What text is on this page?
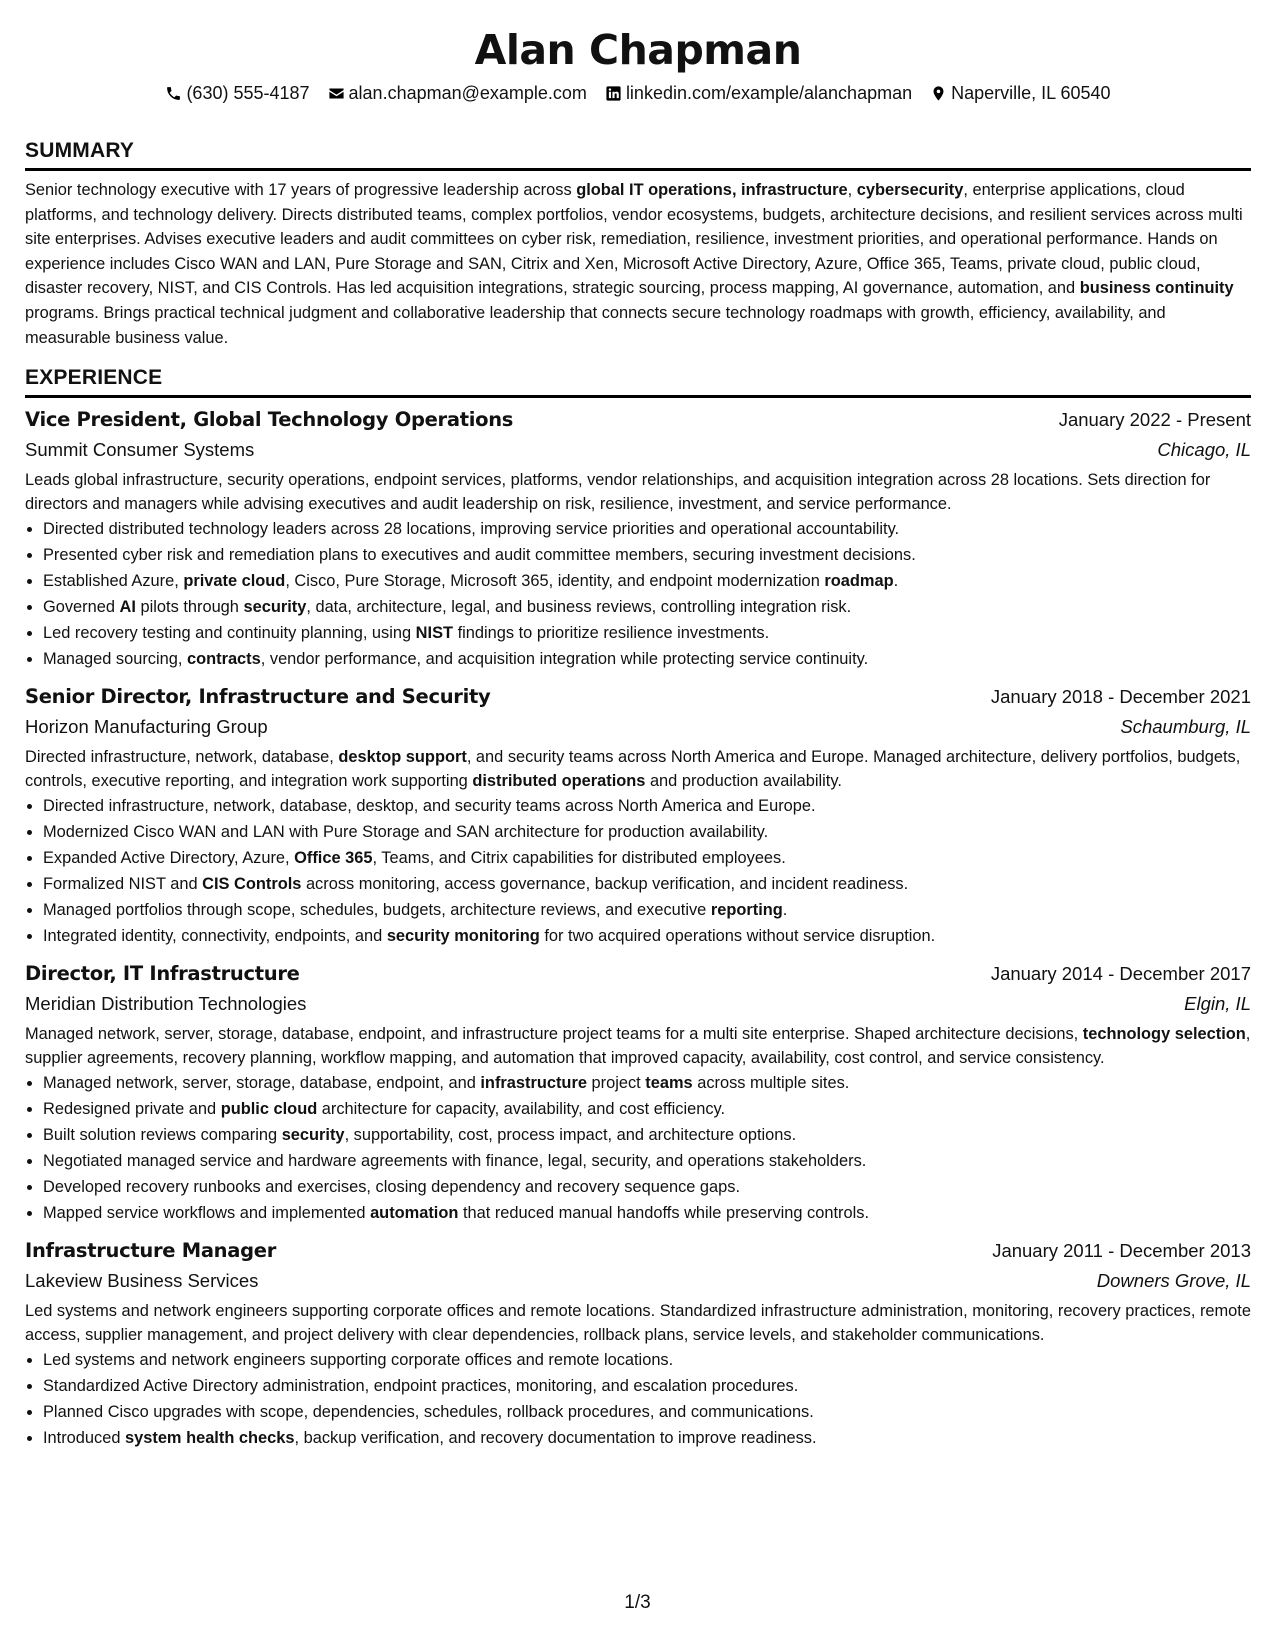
Alan Chapman
(630) 555-4187 alan.chapman@example.com linkedin.com/example/alanchapman Naperville, IL 60540
SUMMARY
Senior technology executive with 17 years of progressive leadership across global IT operations, infrastructure, cybersecurity, enterprise applications, cloud platforms, and technology delivery. Directs distributed teams, complex portfolios, vendor ecosystems, budgets, architecture decisions, and resilient services across multi site enterprises. Advises executive leaders and audit committees on cyber risk, remediation, resilience, investment priorities, and operational performance. Hands on experience includes Cisco WAN and LAN, Pure Storage and SAN, Citrix and Xen, Microsoft Active Directory, Azure, Office 365, Teams, private cloud, public cloud, disaster recovery, NIST, and CIS Controls. Has led acquisition integrations, strategic sourcing, process mapping, AI governance, automation, and business continuity programs. Brings practical technical judgment and collaborative leadership that connects secure technology roadmaps with growth, efficiency, availability, and measurable business value.
EXPERIENCE
Vice President, Global Technology Operations	January 2022 - Present
Summit Consumer Systems	Chicago, IL
Leads global infrastructure, security operations, endpoint services, platforms, vendor relationships, and acquisition integration across 28 locations. Sets direction for directors and managers while advising executives and audit leadership on risk, resilience, investment, and service performance.
• Directed distributed technology leaders across 28 locations, improving service priorities and operational accountability.
• Presented cyber risk and remediation plans to executives and audit committee members, securing investment decisions.
• Established Azure, private cloud, Cisco, Pure Storage, Microsoft 365, identity, and endpoint modernization roadmap.
• Governed AI pilots through security, data, architecture, legal, and business reviews, controlling integration risk.
• Led recovery testing and continuity planning, using NIST findings to prioritize resilience investments.
• Managed sourcing, contracts, vendor performance, and acquisition integration while protecting service continuity.
Senior Director, Infrastructure and Security	January 2018 - December 2021
Horizon Manufacturing Group	Schaumburg, IL
Directed infrastructure, network, database, desktop support, and security teams across North America and Europe. Managed architecture, delivery portfolios, budgets, controls, executive reporting, and integration work supporting distributed operations and production availability.
• Directed infrastructure, network, database, desktop, and security teams across North America and Europe.
• Modernized Cisco WAN and LAN with Pure Storage and SAN architecture for production availability.
• Expanded Active Directory, Azure, Office 365, Teams, and Citrix capabilities for distributed employees.
• Formalized NIST and CIS Controls across monitoring, access governance, backup verification, and incident readiness.
• Managed portfolios through scope, schedules, budgets, architecture reviews, and executive reporting.
• Integrated identity, connectivity, endpoints, and security monitoring for two acquired operations without service disruption.
Director, IT Infrastructure	January 2014 - December 2017
Meridian Distribution Technologies	Elgin, IL
Managed network, server, storage, database, endpoint, and infrastructure project teams for a multi site enterprise. Shaped architecture decisions, technology selection, supplier agreements, recovery planning, workflow mapping, and automation that improved capacity, availability, cost control, and service consistency.
• Managed network, server, storage, database, endpoint, and infrastructure project teams across multiple sites.
• Redesigned private and public cloud architecture for capacity, availability, and cost efficiency.
• Built solution reviews comparing security, supportability, cost, process impact, and architecture options.
• Negotiated managed service and hardware agreements with finance, legal, security, and operations stakeholders.
• Developed recovery runbooks and exercises, closing dependency and recovery sequence gaps.
• Mapped service workflows and implemented automation that reduced manual handoffs while preserving controls.
Infrastructure Manager	January 2011 - December 2013
Lakeview Business Services	Downers Grove, IL
Led systems and network engineers supporting corporate offices and remote locations. Standardized infrastructure administration, monitoring, recovery practices, remote access, supplier management, and project delivery with clear dependencies, rollback plans, service levels, and stakeholder communications.
• Led systems and network engineers supporting corporate offices and remote locations.
• Standardized Active Directory administration, endpoint practices, monitoring, and escalation procedures.
• Planned Cisco upgrades with scope, dependencies, schedules, rollback procedures, and communications.
• Introduced system health checks, backup verification, and recovery documentation to improve readiness.
1/3
